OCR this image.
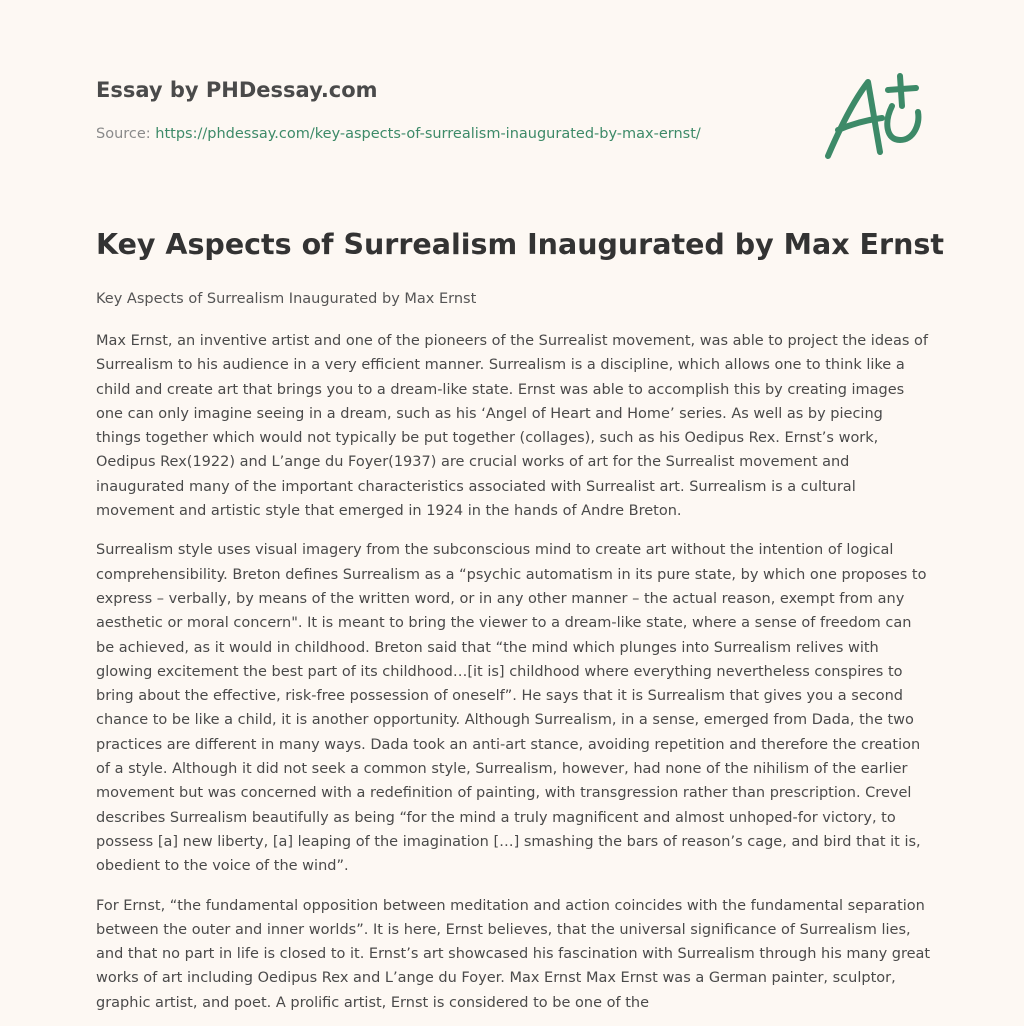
Essay by PHDessay.com
Source: https://phdessay.com/key-aspects-of-surrealism-inaugurated-by-max-ernst/
Key Aspects of Surrealism Inaugurated by Max Ernst
Key Aspects of Surrealism Inaugurated by Max Ernst

Max Ernst, an inventive artist and one of the pioneers of the Surrealist movement, was able to project the ideas of Surrealism to his audience in a very efficient manner. Surrealism is a discipline, which allows one to think like a child and create art that brings you to a dream-like state. Ernst was able to accomplish this by creating images one can only imagine seeing in a dream, such as his ‘Angel of Heart and Home’ series. As well as by piecing things together which would not typically be put together (collages), such as his Oedipus Rex. Ernst’s work, Oedipus Rex(1922) and L’ange du Foyer(1937) are crucial works of art for the Surrealist movement and inaugurated many of the important characteristics associated with Surrealist art. Surrealism is a cultural movement and artistic style that emerged in 1924 in the hands of Andre Breton.

Surrealism style uses visual imagery from the subconscious mind to create art without the intention of logical comprehensibility. Breton defines Surrealism as a “psychic automatism in its pure state, by which one proposes to express – verbally, by means of the written word, or in any other manner – the actual reason, exempt from any aesthetic or moral concern". It is meant to bring the viewer to a dream-like state, where a sense of freedom can be achieved, as it would in childhood. Breton said that “the mind which plunges into Surrealism relives with glowing excitement the best part of its childhood…[it is] childhood where everything nevertheless conspires to bring about the effective, risk-free possession of oneself”. He says that it is Surrealism that gives you a second chance to be like a child, it is another opportunity. Although Surrealism, in a sense, emerged from Dada, the two practices are different in many ways. Dada took an anti-art stance, avoiding repetition and therefore the creation of a style. Although it did not seek a common style, Surrealism, however, had none of the nihilism of the earlier movement but was concerned with a redefinition of painting, with transgression rather than prescription. Crevel describes Surrealism beautifully as being “for the mind a truly magnificent and almost unhoped-for victory, to possess [a] new liberty, [a] leaping of the imagination […] smashing the bars of reason’s cage, and bird that it is, obedient to the voice of the wind”.

For Ernst, “the fundamental opposition between meditation and action coincides with the fundamental separation between the outer and inner worlds”. It is here, Ernst believes, that the universal significance of Surrealism lies, and that no part in life is closed to it. Ernst’s art showcased his fascination with Surrealism through his many great works of art including Oedipus Rex and L’ange du Foyer. Max Ernst Max Ernst was a German painter, sculptor, graphic artist, and poet. A prolific artist, Ernst is considered to be one of the
